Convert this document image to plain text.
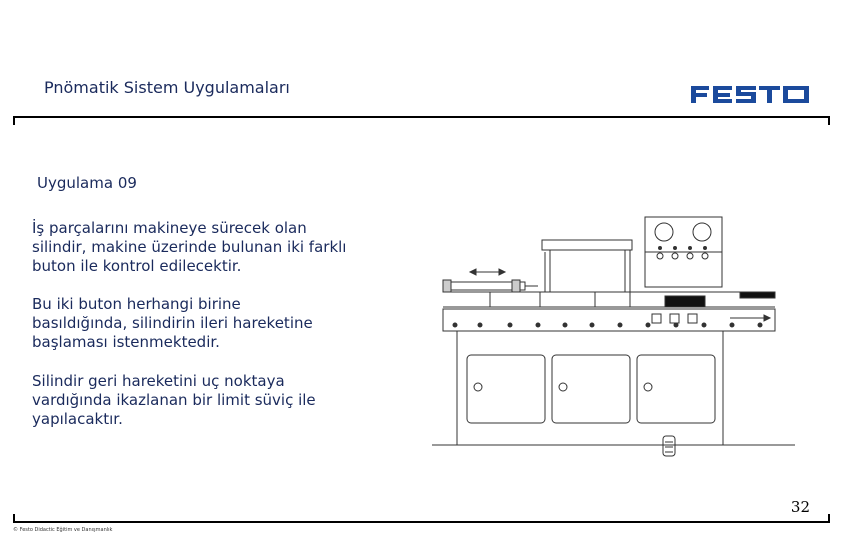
Pnömatik Sistem Uygulamaları
Uygulama 09
İş parçalarını makineye sürecek olan
silindir, makine üzerinde bulunan iki farklı
buton ile kontrol edilecektir.
Bu iki buton herhangi birine
basıldığında, silindirin ileri hareketine
başlaması istenmektedir.
Silindir geri hareketini uç noktaya
vardığında ikazlanan bir limit süviç ile
yapılacaktır.
32
© Festo Didactic Eğitim ve Danışmanlık
